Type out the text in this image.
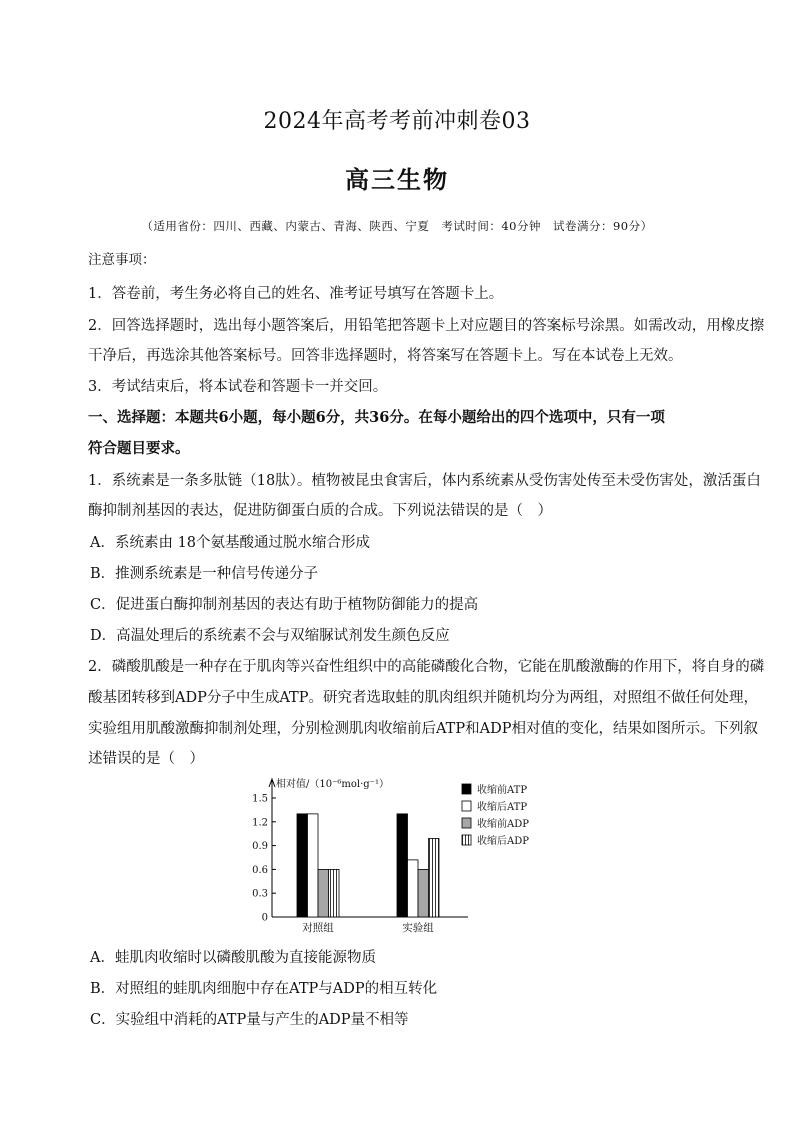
2024年高考考前冲刺卷03
高三生物
（适用省份：四川、西藏、内蒙古、青海、陕西、宁夏　考试时间：40分钟　试卷满分：90分）
注意事项：
1．答卷前，考生务必将自己的姓名、准考证号填写在答题卡上。
2．回答选择题时，选出每小题答案后，用铅笔把答题卡上对应题目的答案标号涂黑。如需改动，用橡皮擦
干净后，再选涂其他答案标号。回答非选择题时，将答案写在答题卡上。写在本试卷上无效。
3．考试结束后，将本试卷和答题卡一并交回。
一、选择题：本题共6小题，每小题6分，共36分。在每小题给出的四个选项中，只有一项
符合题目要求。
1．系统素是一条多肽链（18肽）。植物被昆虫食害后，体内系统素从受伤害处传至未受伤害处，激活蛋白
酶抑制剂基因的表达，促进防御蛋白质的合成。下列说法错误的是（　）
A．系统素由 18个氨基酸通过脱水缩合形成
B．推测系统素是一种信号传递分子
C．促进蛋白酶抑制剂基因的表达有助于植物防御能力的提高
D．高温处理后的系统素不会与双缩脲试剂发生颜色反应
2．磷酸肌酸是一种存在于肌肉等兴奋性组织中的高能磷酸化合物，它能在肌酸激酶的作用下，将自身的磷
酸基团转移到ADP分子中生成ATP。研究者选取蛙的肌肉组织并随机均分为两组，对照组不做任何处理，
实验组用肌酸激酶抑制剂处理，分别检测肌肉收缩前后ATP和ADP相对值的变化，结果如图所示。下列叙
述错误的是（　）
相对值/（10⁻⁶mol·g⁻¹）
0
0.3
0.6
0.9
1.2
1.5
对照组	实验组
收缩前ATP
收缩后ATP
收缩前ADP
收缩后ADP
A．蛙肌肉收缩时以磷酸肌酸为直接能源物质
B．对照组的蛙肌肉细胞中存在ATP与ADP的相互转化
C．实验组中消耗的ATP量与产生的ADP量不相等
